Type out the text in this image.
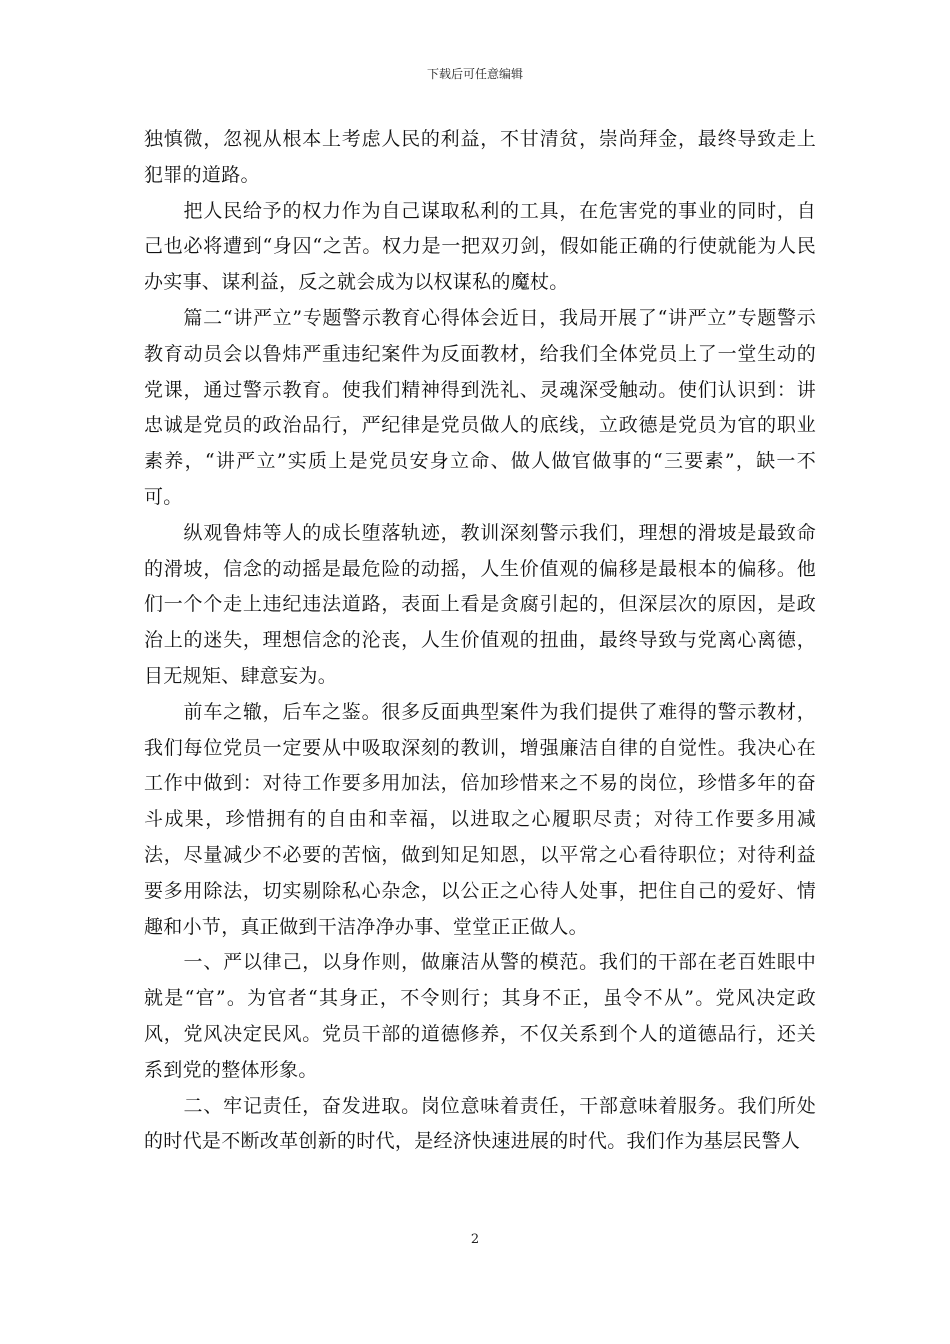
下载后可任意编辑

独慎微，忽视从根本上考虑人民的利益，不甘清贫，崇尚拜金，最终导致走上犯罪的道路。

　　把人民给予的权力作为自己谋取私利的工具，在危害党的事业的同时，自己也必将遭到“身囚“之苦。权力是一把双刃剑，假如能正确的行使就能为人民办实事、谋利益，反之就会成为以权谋私的魔杖。

　　篇二“讲严立”专题警示教育心得体会近日，我局开展了“讲严立”专题警示教育动员会以鲁炜严重违纪案件为反面教材，给我们全体党员上了一堂生动的党课，通过警示教育。使我们精神得到洗礼、灵魂深受触动。使们认识到：讲忠诚是党员的政治品行，严纪律是党员做人的底线，立政德是党员为官的职业素养，“讲严立”实质上是党员安身立命、做人做官做事的“三要素”，缺一不可。

　　纵观鲁炜等人的成长堕落轨迹，教训深刻警示我们，理想的滑坡是最致命的滑坡，信念的动摇是最危险的动摇，人生价值观的偏移是最根本的偏移。他们一个个走上违纪违法道路，表面上看是贪腐引起的，但深层次的原因，是政治上的迷失，理想信念的沦丧，人生价值观的扭曲，最终导致与党离心离德，目无规矩、肆意妄为。

　　前车之辙，后车之鉴。很多反面典型案件为我们提供了难得的警示教材，我们每位党员一定要从中吸取深刻的教训，增强廉洁自律的自觉性。我决心在工作中做到：对待工作要多用加法，倍加珍惜来之不易的岗位，珍惜多年的奋斗成果，珍惜拥有的自由和幸福，以进取之心履职尽责；对待工作要多用减法，尽量减少不必要的苦恼，做到知足知恩，以平常之心看待职位；对待利益要多用除法，切实剔除私心杂念，以公正之心待人处事，把住自己的爱好、情趣和小节，真正做到干洁净净办事、堂堂正正做人。

　　一、严以律己，以身作则，做廉洁从警的模范。我们的干部在老百姓眼中就是“官”。为官者“其身正，不令则行；其身不正，虽令不从”。党风决定政风，党风决定民风。党员干部的道德修养，不仅关系到个人的道德品行，还关系到党的整体形象。

　　二、牢记责任，奋发进取。岗位意味着责任，干部意味着服务。我们所处的时代是不断改革创新的时代，是经济快速进展的时代。我们作为基层民警人

2
